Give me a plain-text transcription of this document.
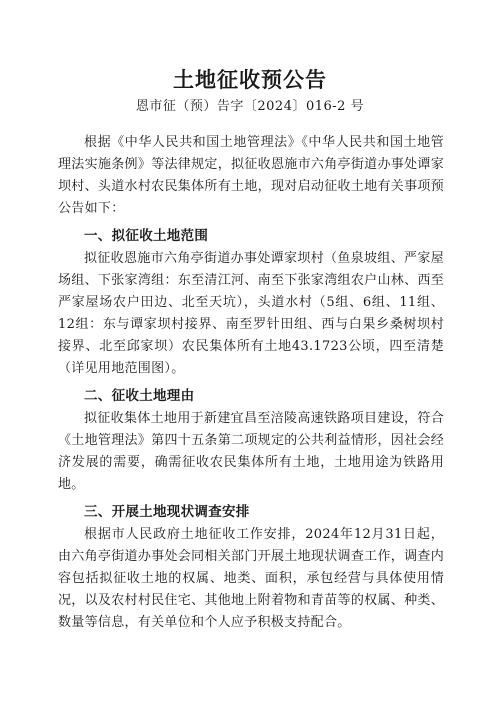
土地征收预公告
恩市征（预）告字〔2024〕016-2 号

根据《中华人民共和国土地管理法》《中华人民共和国土地管理法实施条例》等法律规定，拟征收恩施市六角亭街道办事处谭家坝村、头道水村农民集体所有土地，现对启动征收土地有关事项预公告如下：

一、拟征收土地范围

拟征收恩施市六角亭街道办事处谭家坝村（鱼泉坡组、严家屋场组、下张家湾组：东至清江河、南至下张家湾组农户山林、西至严家屋场农户田边、北至天坑），头道水村（5组、6组、11组、12组：东与谭家坝村接界、南至罗针田组、西与白果乡桑树坝村接界、北至邱家坝）农民集体所有土地43.1723公顷，四至清楚（详见用地范围图）。

二、征收土地理由

拟征收集体土地用于新建宜昌至涪陵高速铁路项目建设，符合《土地管理法》第四十五条第二项规定的公共利益情形，因社会经济发展的需要，确需征收农民集体所有土地，土地用途为铁路用地。

三、开展土地现状调查安排

根据市人民政府土地征收工作安排，2024年12月31日起，由六角亭街道办事处会同相关部门开展土地现状调查工作，调查内容包括拟征收土地的权属、地类、面积，承包经营与具体使用情况，以及农村村民住宅、其他地上附着物和青苗等的权属、种类、数量等信息，有关单位和个人应予积极支持配合。
